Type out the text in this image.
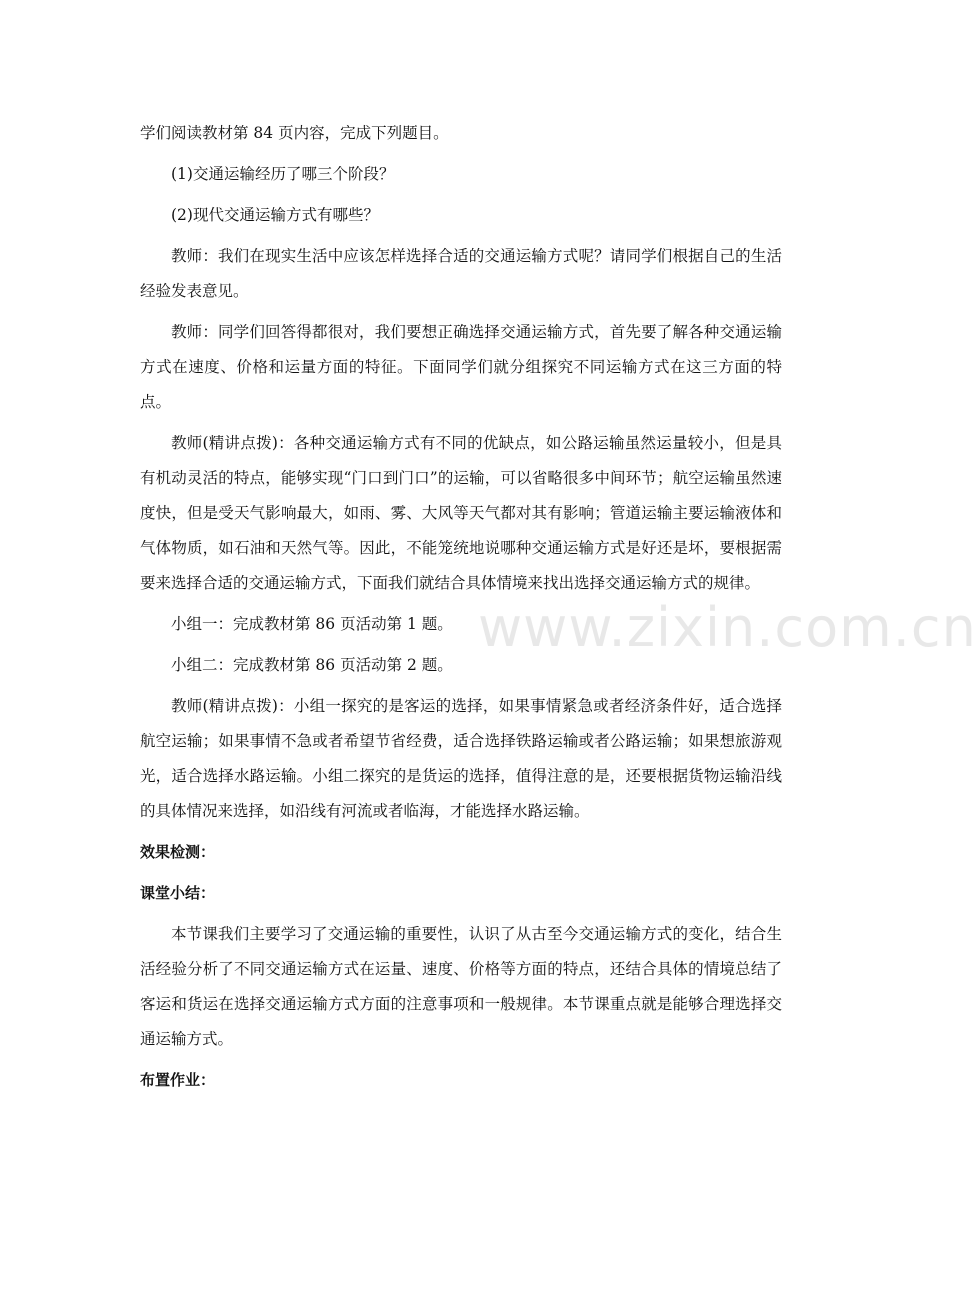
学们阅读教材第 84 页内容，完成下列题目。

(1)交通运输经历了哪三个阶段？

(2)现代交通运输方式有哪些？

教师：我们在现实生活中应该怎样选择合适的交通运输方式呢？请同学们根据自己的生活经验发表意见。

教师：同学们回答得都很对，我们要想正确选择交通运输方式，首先要了解各种交通运输方式在速度、价格和运量方面的特征。下面同学们就分组探究不同运输方式在这三方面的特点。

教师(精讲点拨)：各种交通运输方式有不同的优缺点，如公路运输虽然运量较小，但是具有机动灵活的特点，能够实现“门口到门口”的运输，可以省略很多中间环节；航空运输虽然速度快，但是受天气影响最大，如雨、雾、大风等天气都对其有影响；管道运输主要运输液体和气体物质，如石油和天然气等。因此，不能笼统地说哪种交通运输方式是好还是坏，要根据需要来选择合适的交通运输方式，下面我们就结合具体情境来找出选择交通运输方式的规律。

小组一：完成教材第 86 页活动第 1 题。

小组二：完成教材第 86 页活动第 2 题。

教师(精讲点拨)：小组一探究的是客运的选择，如果事情紧急或者经济条件好，适合选择航空运输；如果事情不急或者希望节省经费，适合选择铁路运输或者公路运输；如果想旅游观光，适合选择水路运输。小组二探究的是货运的选择，值得注意的是，还要根据货物运输沿线的具体情况来选择，如沿线有河流或者临海，才能选择水路运输。

效果检测：
课堂小结：

本节课我们主要学习了交通运输的重要性，认识了从古至今交通运输方式的变化，结合生活经验分析了不同交通运输方式在运量、速度、价格等方面的特点，还结合具体的情境总结了客运和货运在选择交通运输方式方面的注意事项和一般规律。本节课重点就是能够合理选择交通运输方式。

布置作业：
www.zixin.com.cn
